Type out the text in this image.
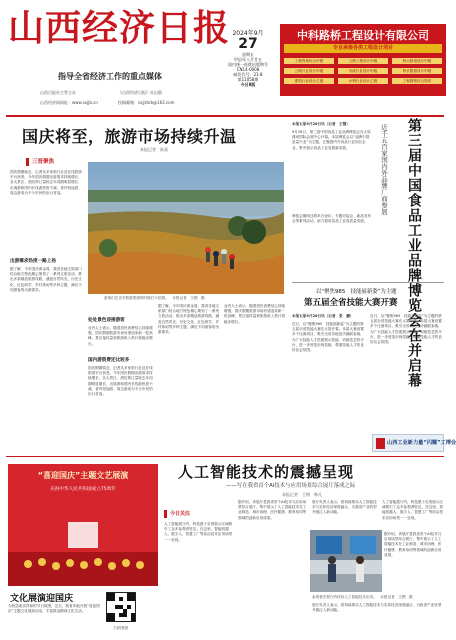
山西经济日报
指导全省经济工作的重点媒体
山西日报社主管主办	《山西经济日报》社出版
山西经济网网址：www.sxjjb.cn	投稿邮箱：sxjjrbrb@163.com
2024年9月
27
星期五
甲辰年八月廿五
国内统一连续出版物号
CN14-0008
邮发代号：21-8
第11058期
今日8版
中科路桥工程设计有限公司
专业承接各类工程设计项目
工程咨询综合甲级	公路工程设计甲级	特大桥梁设计甲级
公路行业设计甲级	市政行业设计甲级	特长隧道设计甲级
建筑行业设计乙级	水利行业设计乙级	工程勘察综合资质
国庆将至，旅游市场持续升温
本报记者　陈嘉
三晋聚焦
国庆假期临近，记者从多家旅行社及在线旅游平台获悉，今年国庆假期出游需求持续增长，各大景区、酒店预订量较去年同期明显增长，出境游和国内长线游热度不减，省内短途游、周边游成为不少市民的出行首选。
出游需求热度一路上扬
据了解，今年国庆黄金周，我省各地文旅部门结合地方特色精心策划了一系列文旅活动，推出多条精品旅游线路，涵盖自然风光、历史文化、红色研学、乡村休闲等多种主题，满足不同游客的出游需求。
游客们在乐享旅游资源的时候打卡拍照。　本报记者　王钢　摄
处处景色迎接游客
业内人士表示，随着居民消费信心持续增强，国庆假期旅游市场有望迎来新一轮高峰，景区接待量和旅游收入预计将稳步增长。
国内游资费还比较多
国庆假期临近，记者从多家旅行社及在线旅游平台获悉，今年国庆假期出游需求持续增长，各大景区、酒店预订量较去年同期明显增长，出境游和国内长线游热度不减，省内短途游、周边游成为不少市民的出行首选。
据了解，今年国庆黄金周，我省各地文旅部门结合地方特色精心策划了一系列文旅活动，推出多条精品旅游线路，涵盖自然风光、历史文化、红色研学、乡村休闲等多种主题，满足不同游客的出游需求。
业内人士表示，随着居民消费信心持续增强，国庆假期旅游市场有望迎来新一轮高峰，景区接待量和旅游收入预计将稳步增长。
本报太原9月26日讯（记者　王钢）
9月26日，第三届中国食品工业品牌博览会在太原潇河国际会展中心开幕。本届博览会以“品牌引领　质量兴业”为主题，汇聚国内外食品行业知名企业，集中展示食品工业发展新成果。
博览会期间还将举办论坛、专题对接会、新品发布会等系列活动，助力我省食品工业高质量发展。	第三届中国食品工业品牌博览会在并启幕
近千五百家国内外品牌厂商参展
以“聚焦985　技能展新姿”为主题
第五届全省技能大赛开赛
本报太原9月26日讯（记者　张　鹏）
近日，以“聚焦985　技能展新姿”为主题的第五届全省技能大赛在太原开幕。本届大赛设置多个比赛项目，吸引全省各地选手踊跃参赛，为广大技能人才搭建展示技能、切磋技艺的平台，进一步营造崇尚技能、尊重技能人才的良好社会氛围。
近日，以“聚焦985　技能展新姿”为主题的第五届全省技能大赛在太原开幕。本届大赛设置多个比赛项目，吸引全省各地选手踊跃参赛，为广大技能人才搭建展示技能、切磋技艺的平台，进一步营造崇尚技能、尊重技能人才的良好社会氛围。
山西工业新力量“闪耀”工博会
人工智能技术的震撼呈现
——写在我省首个AI技术与应用场景综合展厅落成之际
本报记者　王钢　韩凡
今日关注
人工智能展厅内，科技感十足的展示区域吸引了众多参观者驻足。在这里，智能机器人、数字人、智慧工厂等前沿技术应用场景一一呈现。
据介绍，该展厅是我省首个AI技术与应用场景综合展厅，集中展示了人工智能技术在工业制造、城市治理、医疗健康、教育培训等领域的创新应用成果。
展厅负责人表示，将持续推动人工智能技术与实体经济深度融合，为我省产业转型升级注入新动能。
人工智能展厅内，科技感十足的展示区域吸引了众多参观者驻足。在这里，智能机器人、数字人、智慧工厂等前沿技术应用场景一一呈现。
据介绍，该展厅是我省首个AI技术与应用场景综合展厅，集中展示了人工智能技术在工业制造、城市治理、医疗健康、教育培训等领域的创新应用成果。
参观者在展厅内体验人工智能技术应用。　本报记者　王钢　摄
展厅负责人表示，将持续推动人工智能技术与实体经济深度融合，为我省产业转型升级注入新动能。
“喜迎国庆”主题文艺展演
庆祝中华人民共和国成立75周年
文化展演迎国庆
为营造欢乐祥和的节日氛围，近日，我省多地开展“喜迎国庆”主题文化展演活动，丰富群众精神文化生活。
扫码观看
